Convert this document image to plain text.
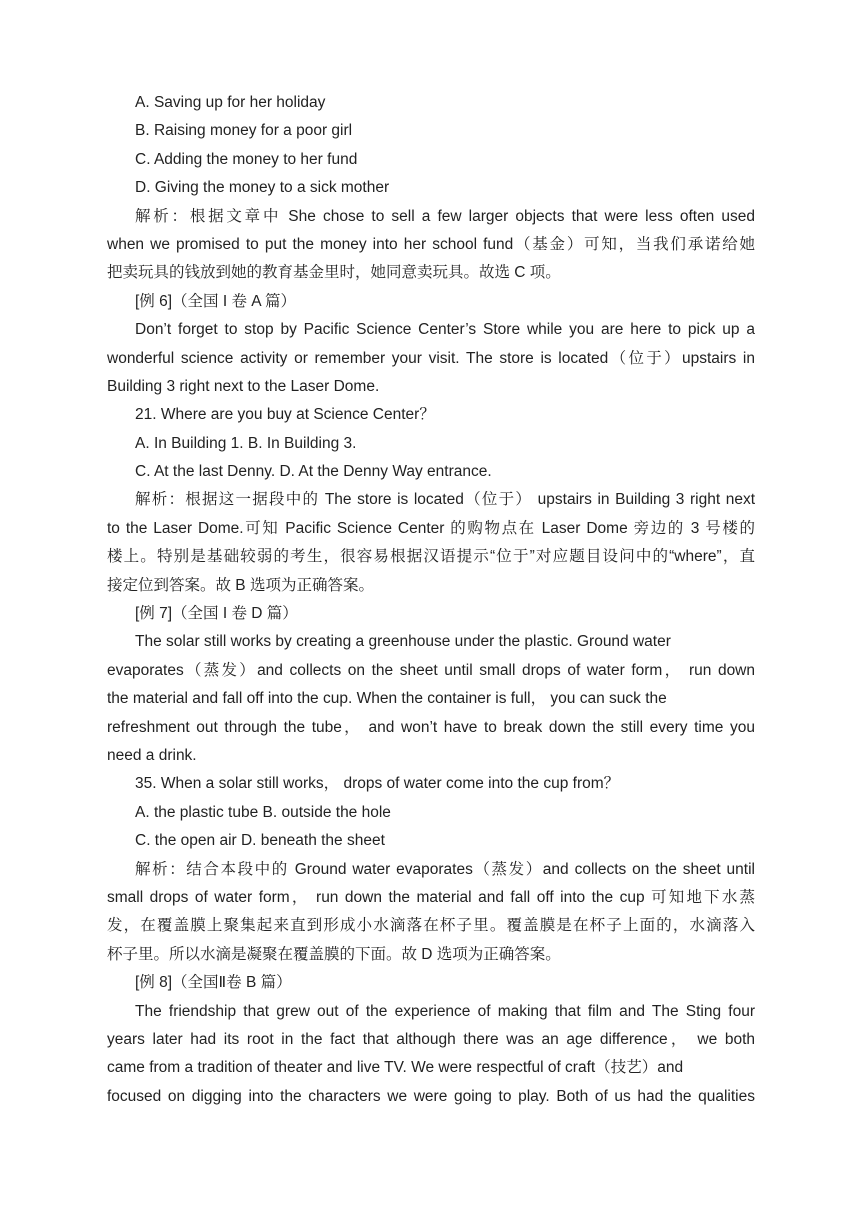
A. Saving up for her holiday
B. Raising money for a poor girl
C. Adding the money to her fund
D. Giving the money to a sick mother
解析：根据文章中 She chose to sell a few larger objects that were less often used
when we promised to put the money into her school fund（基金）可知，当我们承诺给她
把卖玩具的钱放到她的教育基金里时，她同意卖玩具。故选 C 项。
[例 6]（全国 I 卷 A 篇）
Don’t forget to stop by Pacific Science Center’s Store while you are here to pick up a
wonderful science activity or remember your visit. The store is located（位于）upstairs in
Building 3 right next to the Laser Dome.
21. Where are you buy at Science Center？
A. In Building 1. B. In Building 3.
C. At the last Denny. D. At the Denny Way entrance.
解析：根据这一据段中的 The store is located（位于） upstairs in Building 3 right next
to the Laser Dome.可知 Pacific Science Center 的购物点在 Laser Dome 旁边的 3 号楼的
楼上。特别是基础较弱的考生，很容易根据汉语提示“位于”对应题目设问中的“where”，直
接定位到答案。故 B 选项为正确答案。
[例 7]（全国 I 卷 D 篇）
The solar still works by creating a greenhouse under the plastic. Ground water
evaporates（蒸发）and collects on the sheet until small drops of water form， run down
the material and fall off into the cup. When the container is full， you can suck the
refreshment out through the tube， and won’t have to break down the still every time you
need a drink.
35. When a solar still works， drops of water come into the cup from？
A. the plastic tube B. outside the hole
C. the open air D. beneath the sheet
解析：结合本段中的 Ground water evaporates（蒸发）and collects on the sheet until
small drops of water form， run down the material and fall off into the cup 可知地下水蒸
发，在覆盖膜上聚集起来直到形成小水滴落在杯子里。覆盖膜是在杯子上面的，水滴落入
杯子里。所以水滴是凝聚在覆盖膜的下面。故 D 选项为正确答案。
[例 8]（全国Ⅱ卷 B 篇）
The friendship that grew out of the experience of making that film and The Sting four
years later had its root in the fact that although there was an age difference， we both
came from a tradition of theater and live TV. We were respectful of craft（技艺）and
focused on digging into the characters we were going to play. Both of us had the qualities
